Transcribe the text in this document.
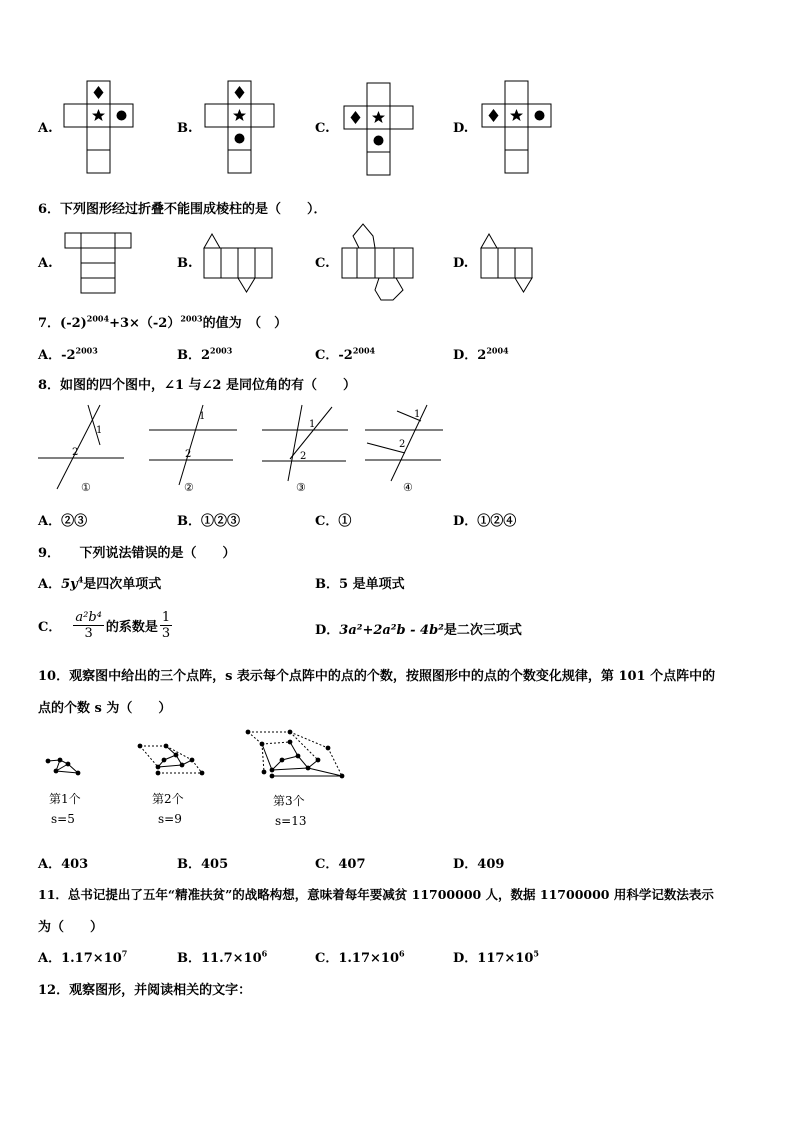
A.	B.	C.	D.
6．下列图形经过折叠不能围成棱柱的是（　　）．
A.	B.	C.	D.
7．$(-2)^{2004}+3\times(-2)^{2003}$的值为　（　）
A．$-2^{2003}$	B．$2^{2003}$	C．$-2^{2004}$	D．$2^{2004}$
8．如图的四个图中，∠1 与∠2 是同位角的有（　　）
1
2
①
1
2
②
1
2
③
1
2
④
A．②③	B．①②③	C．①	D．①②④
9．　　下列说法错误的是（　　）
A．$5y^4$是四次单项式	B．5 是单项式
C． $\frac{\text{a²b⁴}}{3}$ 的系数是 $\frac{1}{3}$	D．3a²+2a²b - 4b²是二次三项式
10．观察图中给出的三个点阵，s 表示每个点阵中的点的个数，按照图形中的点的个数变化规律，第 101 个点阵中的
点的个数 s 为（　　）
第1个
s=5
第2个
s=9
第3个
s=13
A．403	B．405	C．407	D．409
11．总书记提出了五年“精准扶贫”的战略构想，意味着每年要减贫 11700000 人，数据 11700000 用科学记数法表示
为（　　）
A．$1.17\times 10^7$	B．$11.7\times 10^6$	C．$1.17\times 10^6$	D．$117\times 10^5$
12．观察图形，并阅读相关的文字：
